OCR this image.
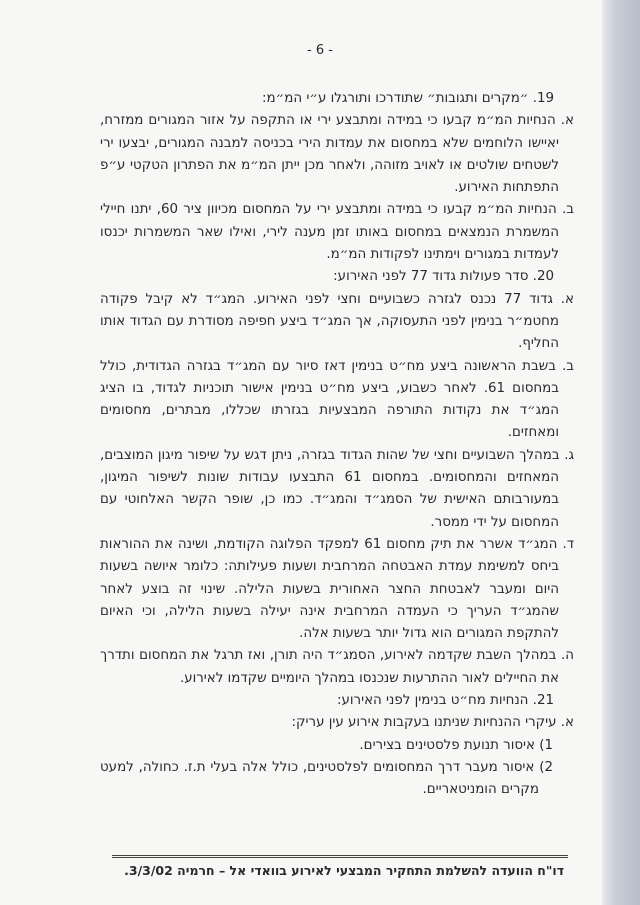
- 6 -

19. ״מקרים ותגובות״ שתודרכו ותורגלו ע״י המ״מ:

א. הנחיות המ״מ קבעו כי במידה ומתבצע ירי או התקפה על אזור המגורים ממזרח, יאיישו הלוחמים שלא במחסום את עמדות הירי בכניסה למבנה המגורים, יבצעו ירי לשטחים שולטים או לאויב מזוהה, ולאחר מכן ייתן המ״מ את הפתרון הטקטי ע״פ התפתחות האירוע.

ב. הנחיות המ״מ קבעו כי במידה ומתבצע ירי על המחסום מכיוון ציר 60, יתנו חיילי המשמרת הנמצאים במחסום באותו זמן מענה לירי, ואילו שאר המשמרות יכנסו לעמדות במגורים וימתינו לפקודות המ״מ.

20. סדר פעולות גדוד 77 לפני האירוע:

א. גדוד 77 נכנס לגזרה כשבועיים וחצי לפני האירוע. המג״ד לא קיבל פקודה מחטמ״ר בנימין לפני התעסוקה, אך המג״ד ביצע חפיפה מסודרת עם הגדוד אותו החליף.

ב. בשבת הראשונה ביצע מח״ט בנימין דאז סיור עם המג״ד בגזרה הגדודית, כולל במחסום 61. לאחר כשבוע, ביצע מח״ט בנימין אישור תוכניות לגדוד, בו הציג המג״ד את נקודות התורפה המבצעיות בגזרתו שכללו, מבתרים, מחסומים ומאחזים.

ג. במהלך השבועיים וחצי של שהות הגדוד בגזרה, ניתן דגש על שיפור מיגון המוצבים, המאחזים והמחסומים. במחסום 61 התבצעו עבודות שונות לשיפור המיגון, במעורבותם האישית של הסמג״ד והמג״ד. כמו כן, שופר הקשר האלחוטי עם המחסום על ידי ממסר.

ד. המג״ד אשרר את תיק מחסום 61 למפקד הפלוגה הקודמת, ושינה את ההוראות ביחס למשימת עמדת האבטחה המרחבית ושעות פעילותה: כלומר איושה בשעות היום ומעבר לאבטחת החצר האחורית בשעות הלילה. שינוי זה בוצע לאחר שהמג״ד העריך כי העמדה המרחבית אינה יעילה בשעות הלילה, וכי האיום להתקפת המגורים הוא גדול יותר בשעות אלה.

ה. במהלך השבת שקדמה לאירוע, הסמג״ד היה תורן, ואז תרגל את המחסום ותדרך את החיילים לאור ההתרעות שנכנסו במהלך היומיים שקדמו לאירוע.

21. הנחיות מח״ט בנימין לפני האירוע:

א. עיקרי ההנחיות שניתנו בעקבות אירוע עין עריק:

1) איסור תנועת פלסטינים בצירים.

2) איסור מעבר דרך המחסומים לפלסטינים, כולל אלה בעלי ת.ז. כחולה, למעט מקרים הומניטאריים.

דו"ח הוועדה להשלמת התחקיר המבצעי לאירוע בוואדי אל – חרמיה 3/3/02.
